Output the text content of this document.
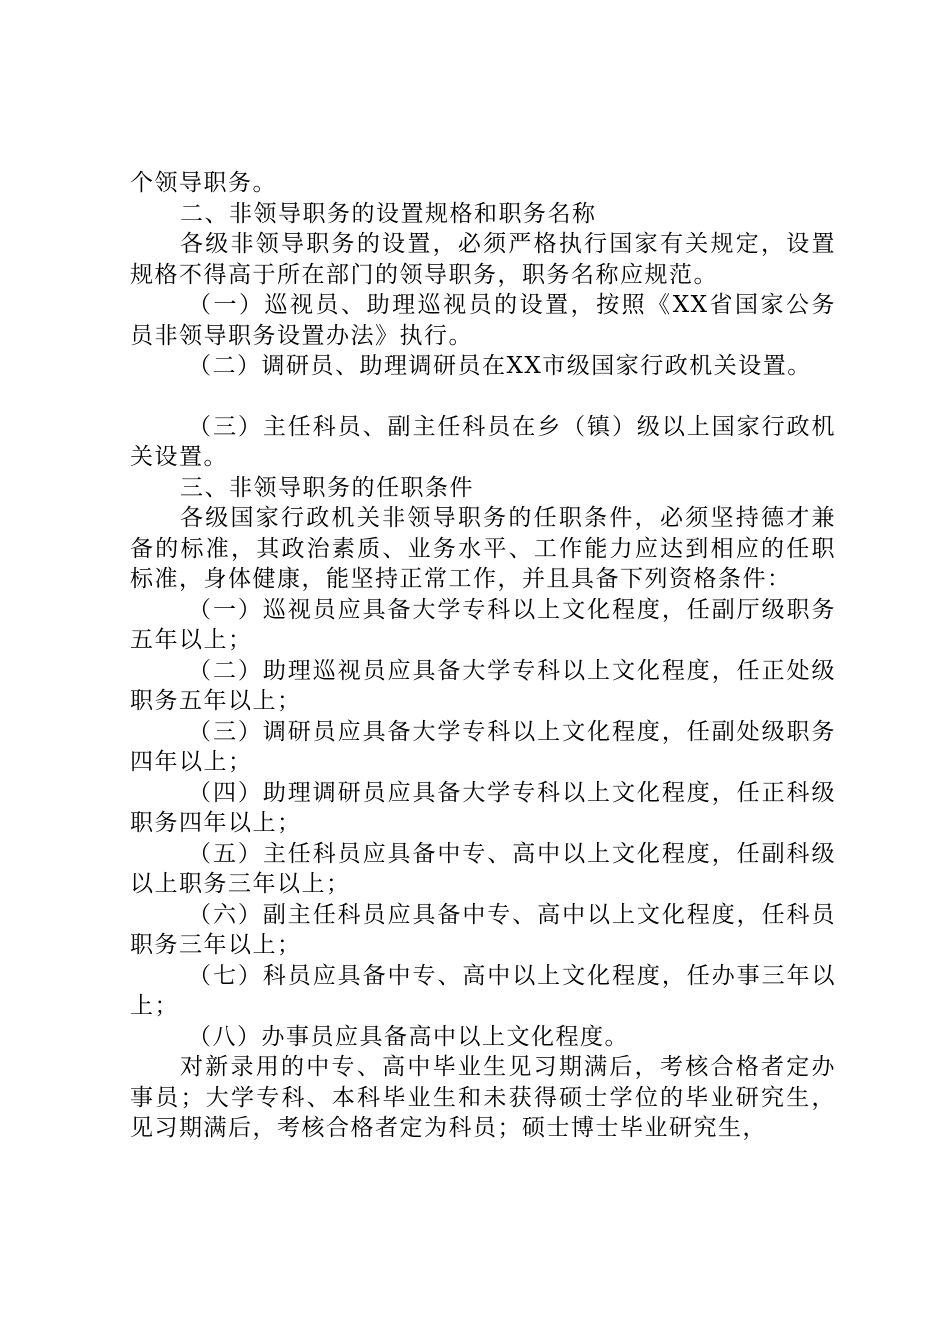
个领导职务。

二、非领导职务的设置规格和职务名称

各级非领导职务的设置，必须严格执行国家有关规定，设置规格不得高于所在部门的领导职务，职务名称应规范。

（一）巡视员、助理巡视员的设置，按照《XX省国家公务员非领导职务设置办法》执行。

（二）调研员、助理调研员在XX市级国家行政机关设置。

（三）主任科员、副主任科员在乡（镇）级以上国家行政机关设置。

三、非领导职务的任职条件

各级国家行政机关非领导职务的任职条件，必须坚持德才兼备的标准，其政治素质、业务水平、工作能力应达到相应的任职标准，身体健康，能坚持正常工作，并且具备下列资格条件：

（一）巡视员应具备大学专科以上文化程度，任副厅级职务五年以上；

（二）助理巡视员应具备大学专科以上文化程度，任正处级职务五年以上；

（三）调研员应具备大学专科以上文化程度，任副处级职务四年以上；

（四）助理调研员应具备大学专科以上文化程度，任正科级职务四年以上；

（五）主任科员应具备中专、高中以上文化程度，任副科级以上职务三年以上；

（六）副主任科员应具备中专、高中以上文化程度，任科员职务三年以上；

（七）科员应具备中专、高中以上文化程度，任办事三年以上；

（八）办事员应具备高中以上文化程度。

对新录用的中专、高中毕业生见习期满后，考核合格者定办事员；大学专科、本科毕业生和未获得硕士学位的毕业研究生，见习期满后，考核合格者定为科员；硕士博士毕业研究生，
